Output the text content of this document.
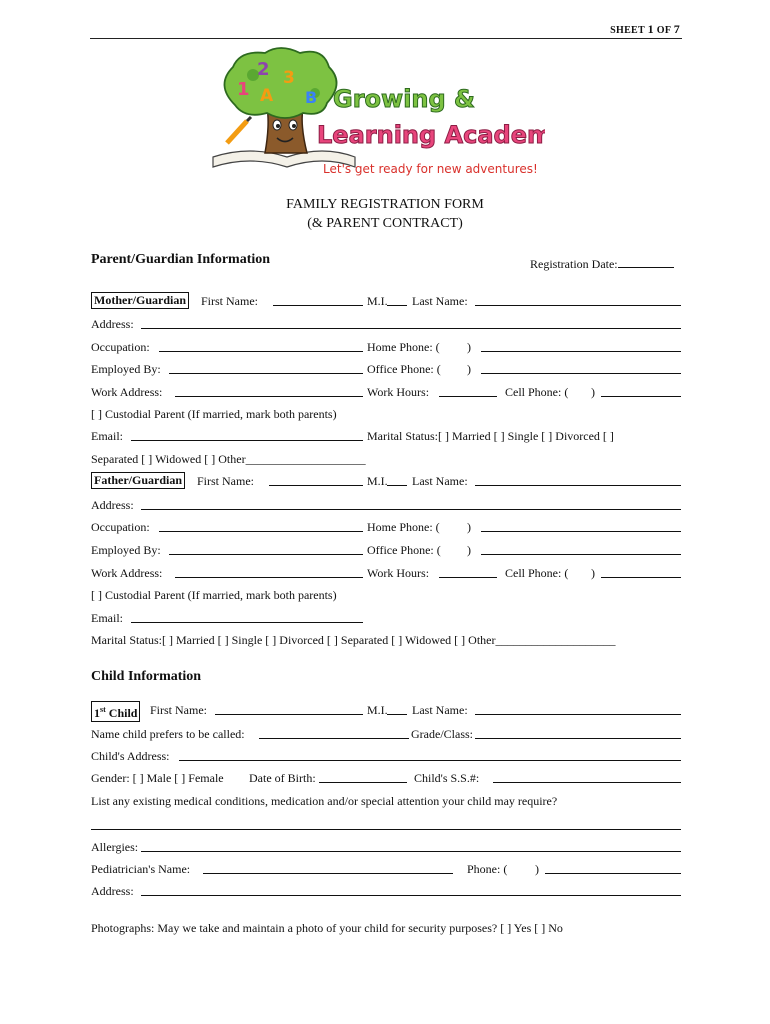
SHEET 1 OF 7
1
2 3
A B Growing &
Learning Academy
Let's get ready for new adventures!
FAMILY REGISTRATION FORM
(& PARENT CONTRACT)
Parent/Guardian Information	Registration Date:
Mother/Guardian First Name:	M.I. Last Name:
Address:
Occupation:	Home Phone: ( )
Employed By:	Office Phone: ( )
Work Address:	Work Hours:	Cell Phone: ( )
[ ] Custodial Parent (If married, mark both parents)
Email:	Marital Status:[ ] Married [ ] Single [ ] Divorced [ ]
Separated [ ] Widowed [ ] Other____________________
Father/Guardian First Name:	M.I. Last Name:
Address:
Occupation:	Home Phone: ( )
Employed By:	Office Phone: ( )
Work Address:	Work Hours:	Cell Phone: ( )
[ ] Custodial Parent (If married, mark both parents)
Email:
Marital Status:[ ] Married [ ] Single [ ] Divorced [ ] Separated [ ] Widowed [ ] Other____________________
Child Information
1st Child First Name:	M.I. Last Name:
Name child prefers to be called:	Grade/Class:
Child's Address:
Gender: [ ] Male [ ] Female Date of Birth:	Child's S.S.#:
List any existing medical conditions, medication and/or special attention your child may require?
Allergies:
Pediatrician's Name:	Phone: ( )
Address:
Photographs: May we take and maintain a photo of your child for security purposes? [ ] Yes [ ] No
